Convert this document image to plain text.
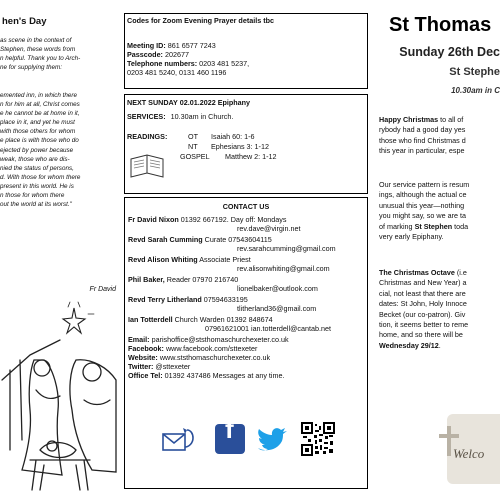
hen's Day
as scene in the context of
Stephen, these words from
n helpful. Thank you to Arch-
ne for supplying them:
emented inn, in which there
n for him at all, Christ comes
e he cannot be at home in it,
place in it, and yet he must
with those others for whom
e place is with those who do
ejected by power because
weak, those who are dis-
nied the status of persons,
d. With those for whom there
present in this world. He is
n those for whom there
out the world at its worst."
Fr David
Codes for Zoom Evening Prayer details tbc
Meeting ID: 861 6577 7243
Passcode: 202677
Telephone numbers: 0203 481 5237,
0203 481 5240, 0131 460 1196
NEXT SUNDAY 02.01.2022 Epiphany
SERVICES: 10.30am in Church.
READINGS:	OT Isaiah 60: 1-6
NT Ephesians 3: 1-12
GOSPEL Matthew 2: 1-12
CONTACT US
Fr David Nixon 01392 667192. Day off: Mondays
rev.dave@virgin.net
Revd Sarah Cumming Curate 07543604115
rev.sarahcumming@gmail.com
Revd Alison Whiting Associate Priest
rev.alisonwhiting@gmail.com
Phil Baker, Reader 07970 216740
lionelbaker@outlook.com
Revd Terry Litherland 07594633195
tlitherland36@gmail.com
Ian Totterdell Church Warden 01392 848674
07961621001 ian.totterdell@cantab.net
Email: parishoffice@ststhomaschurchexeter.co.uk
Facebook: www.facebook.com/sttexeter
Website: www.ststhomaschurchexeter.co.uk
Twitter: @sttexeter
Office Tel: 01392 437486 Messages at any time.
f
St Thomas
Sunday 26th Dec
St Stephe
10.30am in C
Happy Christmas to all of
rybody had a good day yes
those who find Christmas d
this year in particular, espe
Our service pattern is resum
ings, although the actual ce
unusual this year—nothing
you might say, so we are ta
of marking St Stephen toda
very early Epiphany.
The Christmas Octave (i.e
Christmas and New Year) a
cial, not least that there are
dates: St John, Holy Innoce
Becket (our co-patron). Giv
tion, it seems better to reme
home, and so there will be
Wednesday 29/12.
Welco
